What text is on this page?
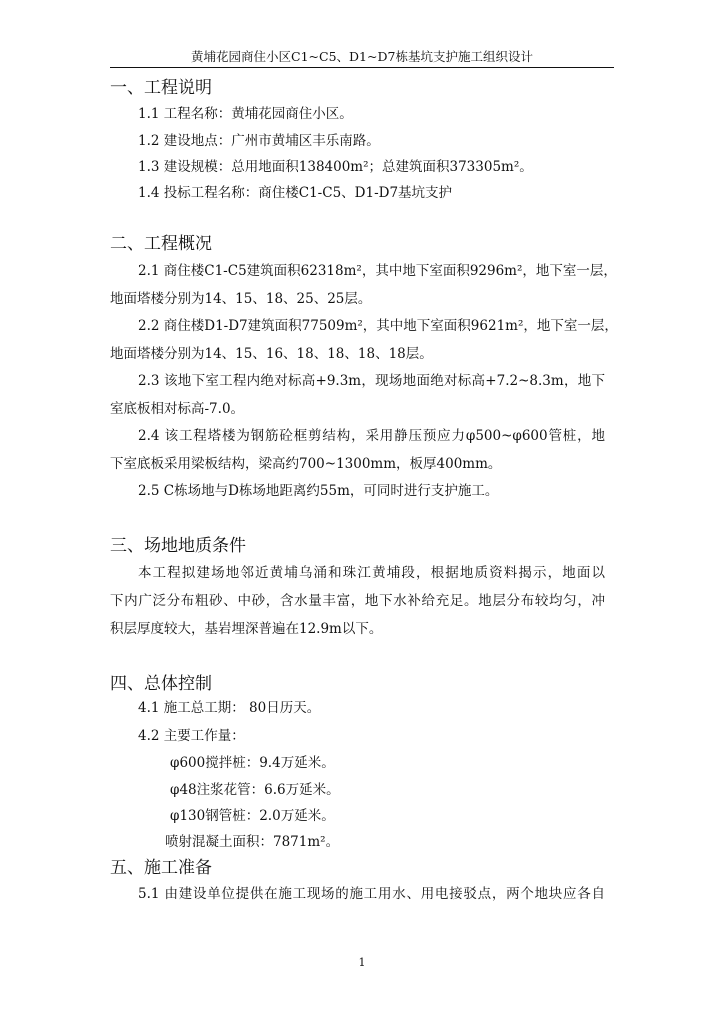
黄埔花园商住小区C1~C5、D1~D7栋基坑支护施工组织设计
一、工程说明
1.1 工程名称：黄埔花园商住小区。
1.2 建设地点：广州市黄埔区丰乐南路。
1.3 建设规模：总用地面积138400m²；总建筑面积373305m²。
1.4 投标工程名称：商住楼C1-C5、D1-D7基坑支护
二、工程概况
2.1 商住楼C1-C5建筑面积62318m²，其中地下室面积9296m²，地下室一层，
地面塔楼分别为14、15、18、25、25层。
2.2 商住楼D1-D7建筑面积77509m²，其中地下室面积9621m²，地下室一层，
地面塔楼分别为14、15、16、18、18、18、18层。
2.3 该地下室工程内绝对标高+9.3m，现场地面绝对标高+7.2~8.3m，地下
室底板相对标高-7.0。
2.4 该工程塔楼为钢筋砼框剪结构，采用静压预应力φ500~φ600管桩，地
下室底板采用梁板结构，梁高约700~1300mm，板厚400mm。
2.5 C栋场地与D栋场地距离约55m，可同时进行支护施工。
三、场地地质条件
本工程拟建场地邻近黄埔乌涌和珠江黄埔段，根据地质资料揭示，地面以
下内广泛分布粗砂、中砂，含水量丰富，地下水补给充足。地层分布较均匀，冲
积层厚度较大，基岩埋深普遍在12.9m以下。
四、总体控制
4.1 施工总工期： 80日历天。
4.2 主要工作量：
φ600搅拌桩：9.4万延米。
φ48注浆花管：6.6万延米。
φ130钢管桩：2.0万延米。
喷射混凝土面积：7871m²。
五、施工准备
5.1 由建设单位提供在施工现场的施工用水、用电接驳点，两个地块应各自
1
